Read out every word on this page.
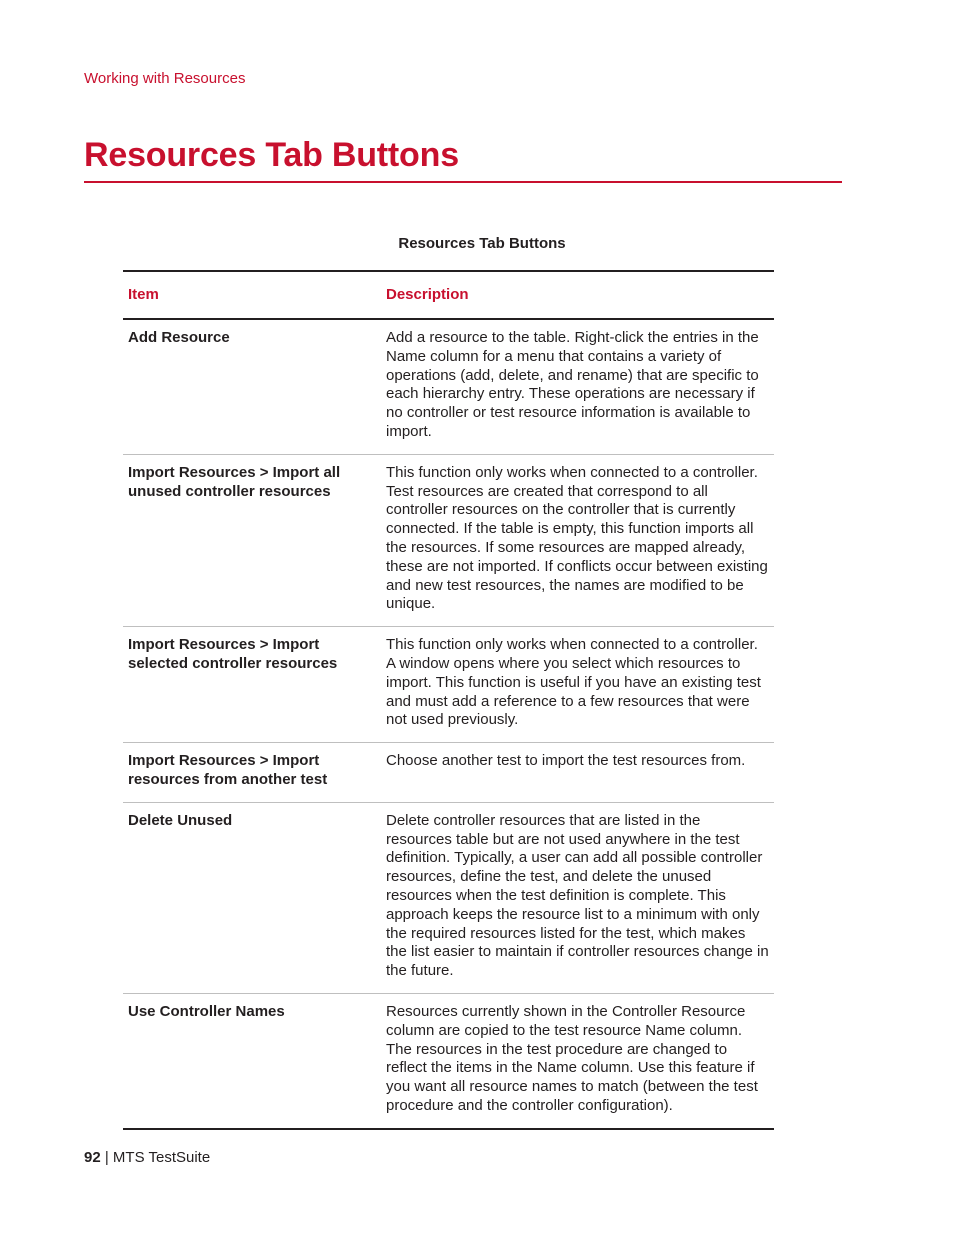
Working with Resources
Resources Tab Buttons
Resources Tab Buttons
Item	Description
Add Resource	Add a resource to the table. Right-click the entries in the Name column for a menu that contains a variety of operations (add, delete, and rename) that are specific to each hierarchy entry. These operations are necessary if no controller or test resource information is available to import.
Import Resources > Import all unused controller resources	This function only works when connected to a controller. Test resources are created that correspond to all controller resources on the controller that is currently connected. If the table is empty, this function imports all the resources. If some resources are mapped already, these are not imported. If conflicts occur between existing and new test resources, the names are modified to be unique.
Import Resources > Import selected controller resources	This function only works when connected to a controller. A window opens where you select which resources to import. This function is useful if you have an existing test and must add a reference to a few resources that were not used previously.
Import Resources > Import resources from another test	Choose another test to import the test resources from.
Delete Unused	Delete controller resources that are listed in the resources table but are not used anywhere in the test definition. Typically, a user can add all possible controller resources, define the test, and delete the unused resources when the test definition is complete. This approach keeps the resource list to a minimum with only the required resources listed for the test, which makes the list easier to maintain if controller resources change in the future.
Use Controller Names	Resources currently shown in the Controller Resource column are copied to the test resource Name column. The resources in the test procedure are changed to reflect the items in the Name column. Use this feature if you want all resource names to match (between the test procedure and the controller configuration).
92 | MTS TestSuite
